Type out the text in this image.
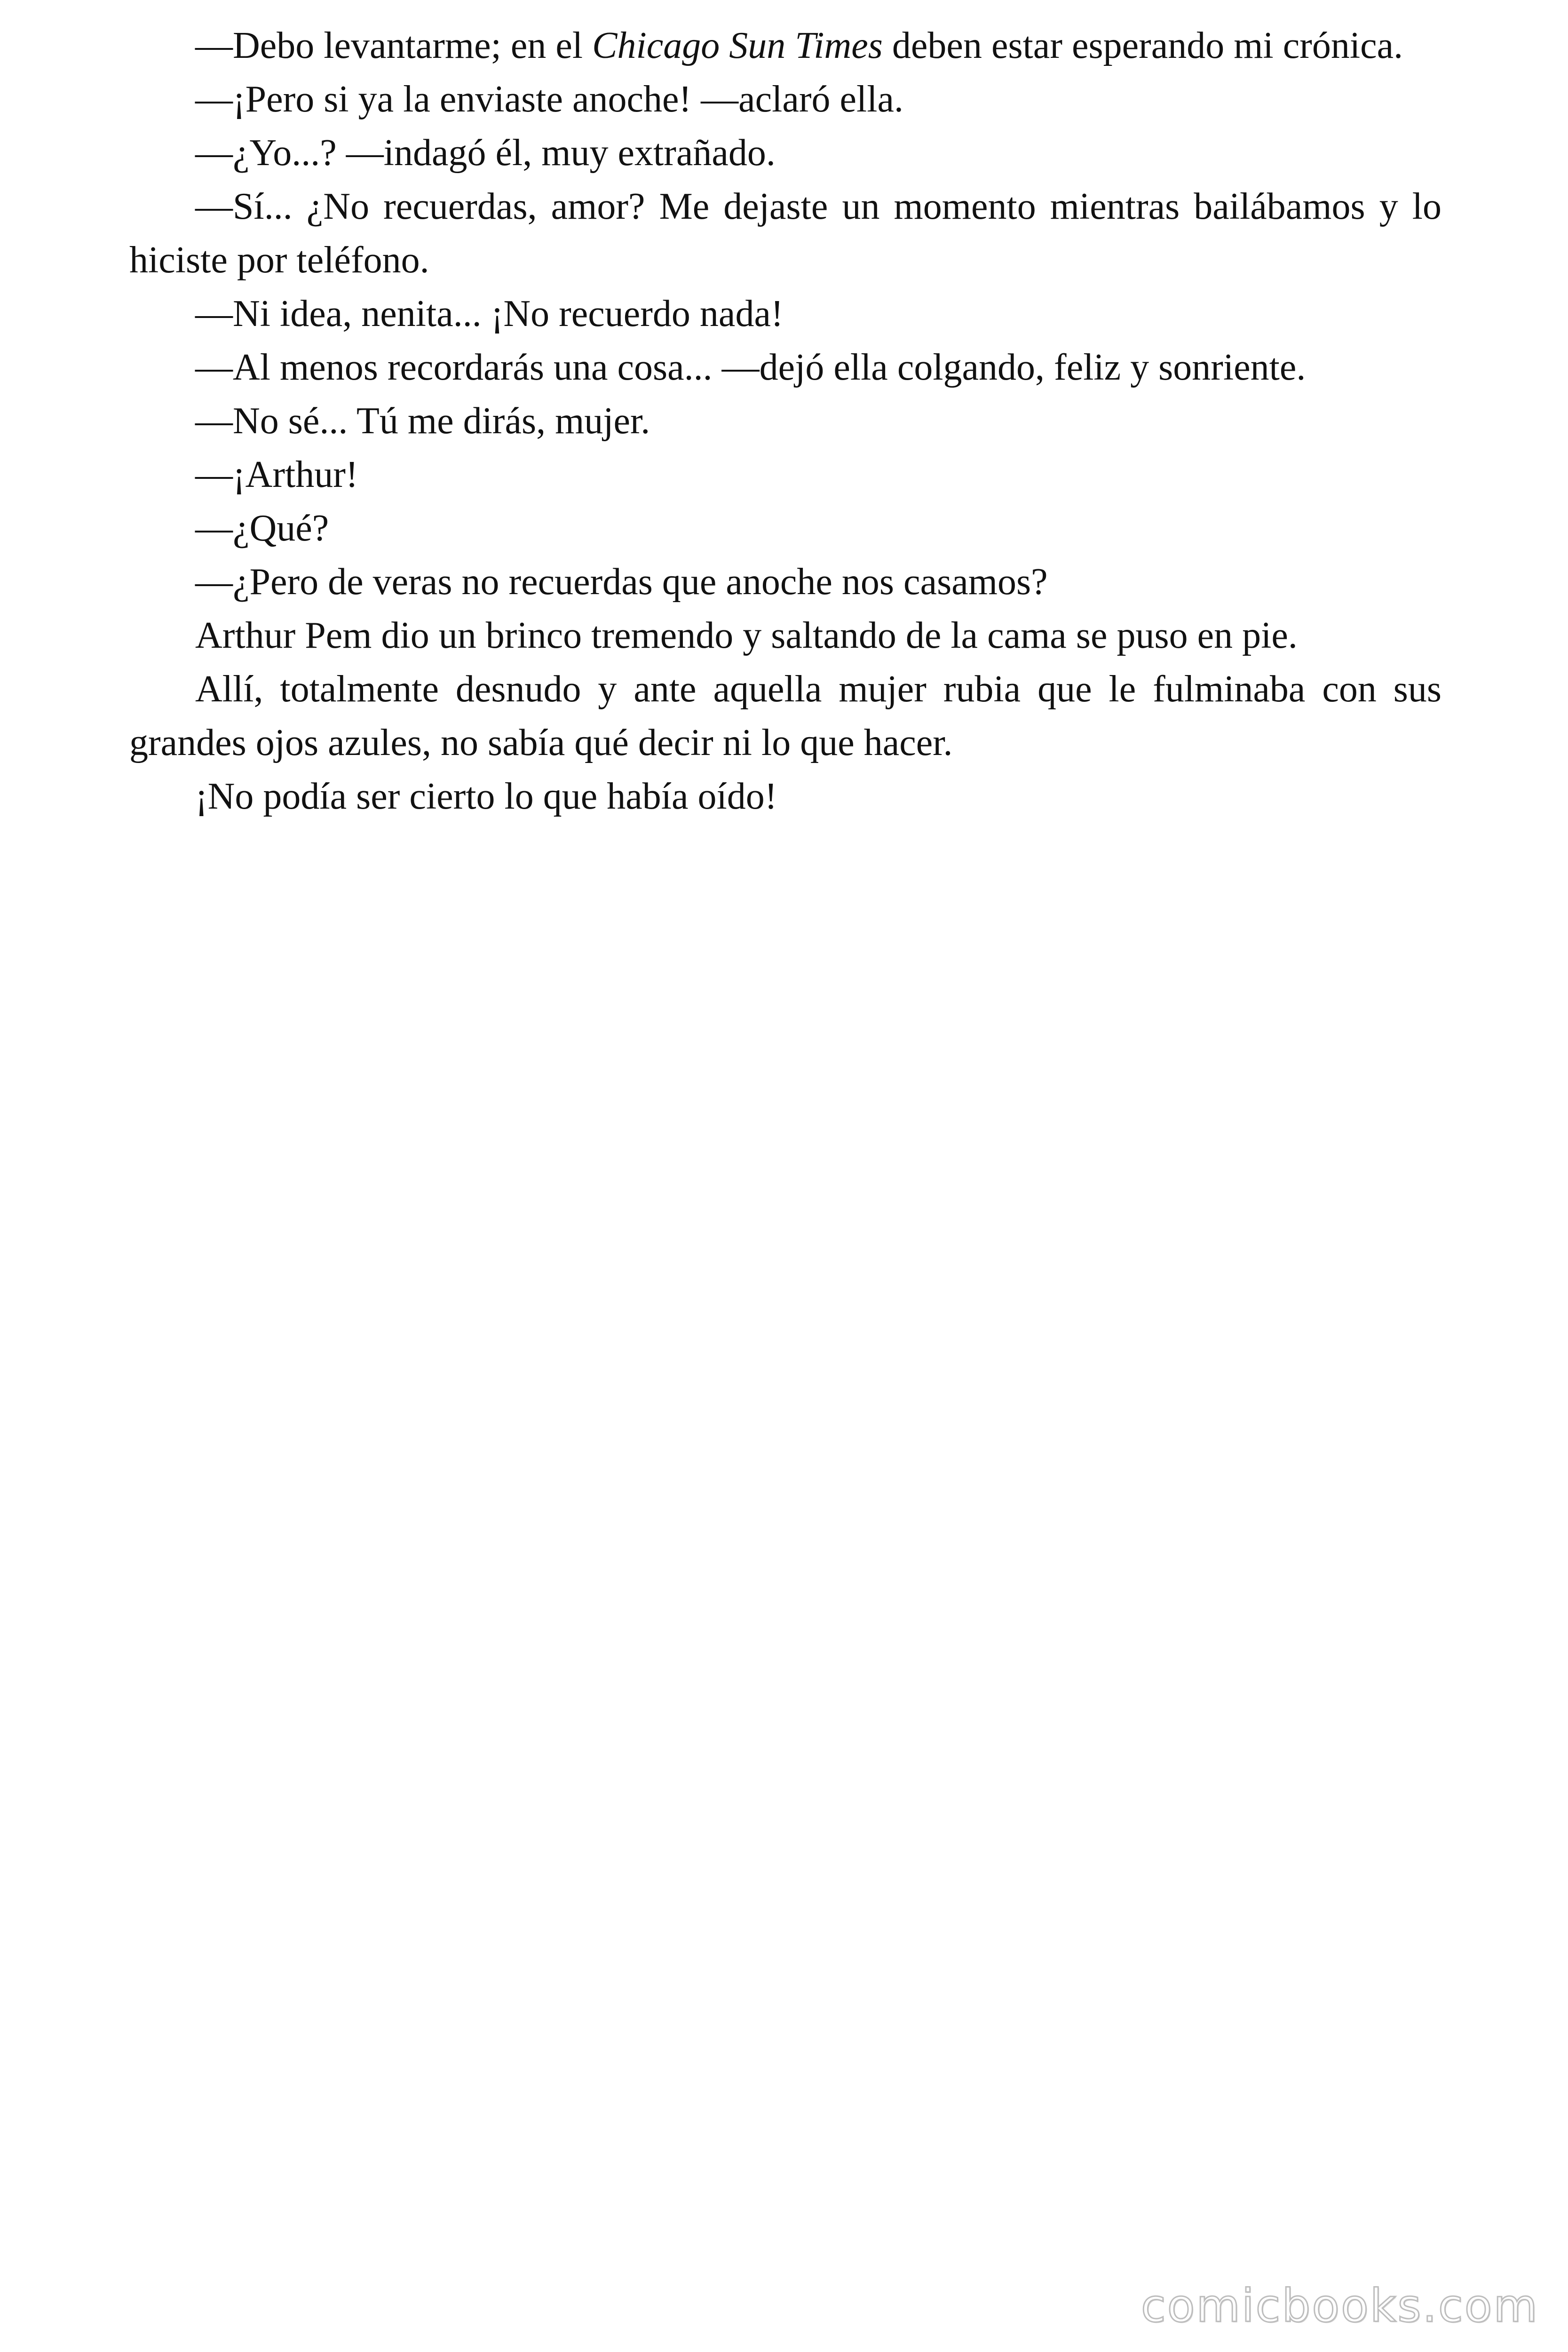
—Debo levantarme; en el Chicago Sun Times deben estar esperando mi crónica.

—¡Pero si ya la enviaste anoche! —aclaró ella.

—¿Yo...? —indagó él, muy extrañado.

—Sí... ¿No recuerdas, amor? Me dejaste un momento mientras bailábamos y lo hiciste por teléfono.

—Ni idea, nenita... ¡No recuerdo nada!

—Al menos recordarás una cosa... —dejó ella colgando, feliz y sonriente.

—No sé... Tú me dirás, mujer.

—¡Arthur!

—¿Qué?

—¿Pero de veras no recuerdas que anoche nos casamos?

Arthur Pem dio un brinco tremendo y saltando de la cama se puso en pie.

Allí, totalmente desnudo y ante aquella mujer rubia que le fulminaba con sus grandes ojos azules, no sabía qué decir ni lo que hacer.

¡No podía ser cierto lo que había oído!

comicbooks.com
